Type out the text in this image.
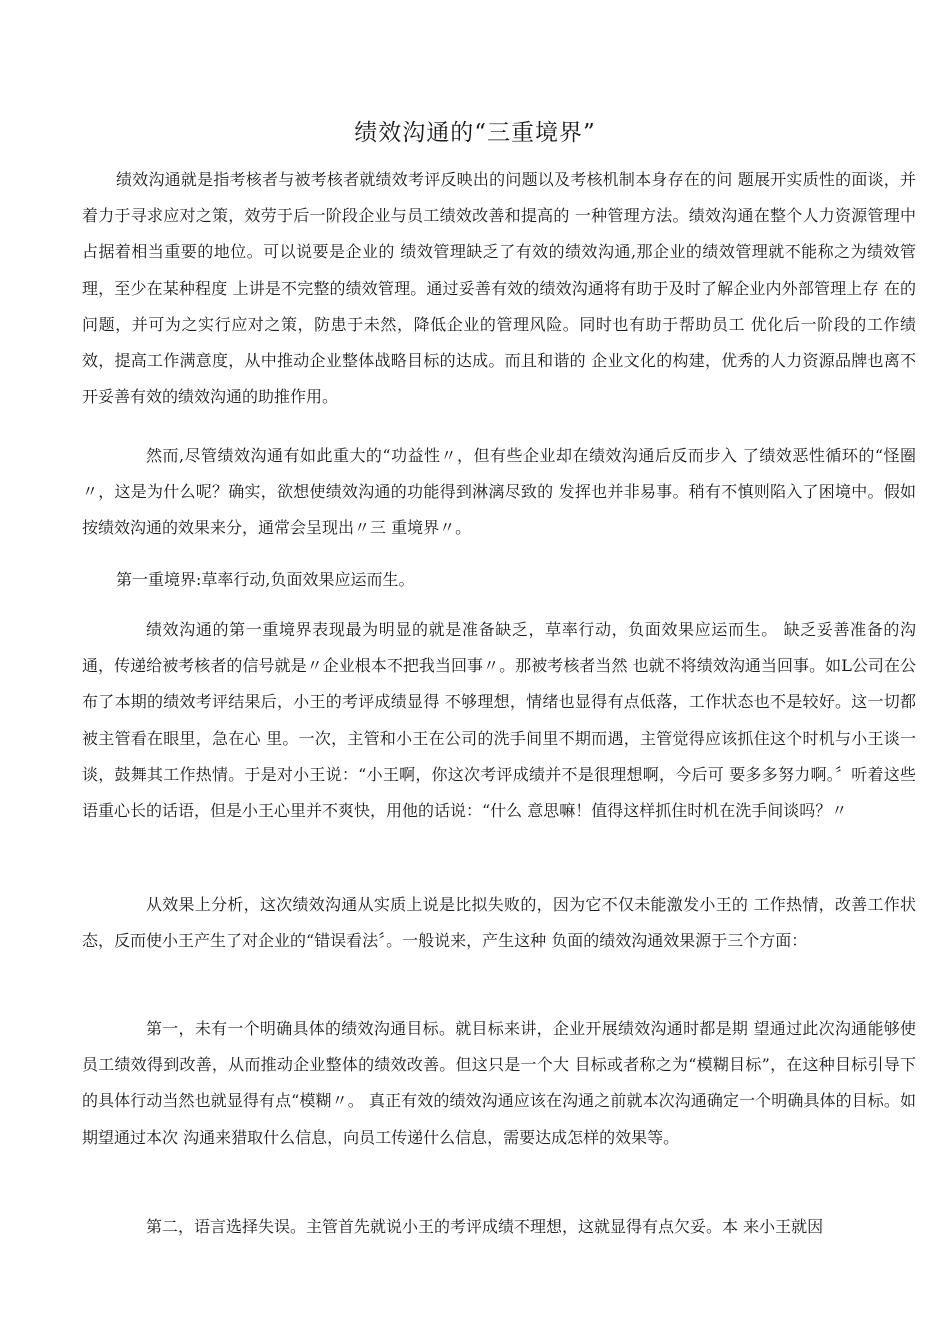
绩效沟通的“三重境界”

绩效沟通就是指考核者与被考核者就绩效考评反映出的问题以及考核机制本身存在的问 题展开实质性的面谈，并着力于寻求应对之策，效劳于后一阶段企业与员工绩效改善和提高的 一种管理方法。绩效沟通在整个人力资源管理中占据着相当重要的地位。可以说要是企业的 绩效管理缺乏了有效的绩效沟通,那企业的绩效管理就不能称之为绩效管理，至少在某种程度 上讲是不完整的绩效管理。通过妥善有效的绩效沟通将有助于及时了解企业内外部管理上存 在的问题，并可为之实行应对之策，防患于未然，降低企业的管理风险。同时也有助于帮助员工 优化后一阶段的工作绩效，提高工作满意度，从中推动企业整体战略目标的达成。而且和谐的 企业文化的构建，优秀的人力资源品牌也离不开妥善有效的绩效沟通的助推作用。

然而,尽管绩效沟通有如此重大的“功益性〃，但有些企业却在绩效沟通后反而步入 了绩效恶性循环的“怪圈〃，这是为什么呢？确实，欲想使绩效沟通的功能得到淋漓尽致的 发挥也并非易事。稍有不慎则陷入了困境中。假如按绩效沟通的效果来分，通常会呈现出〃三 重境界〃。

第一重境界:草率行动,负面效果应运而生。

绩效沟通的第一重境界表现最为明显的就是准备缺乏，草率行动，负面效果应运而生。 缺乏妥善准备的沟通，传递给被考核者的信号就是〃企业根本不把我当回事〃。那被考核者当然 也就不将绩效沟通当回事。如L公司在公布了本期的绩效考评结果后，小王的考评成绩显得 不够理想，情绪也显得有点低落，工作状态也不是较好。这一切都被主管看在眼里，急在心 里。一次，主管和小王在公司的洗手间里不期而遇，主管觉得应该抓住这个时机与小王谈一 谈，鼓舞其工作热情。于是对小王说：“小王啊，你这次考评成绩并不是很理想啊，今后可 要多多努力啊。〞听着这些语重心长的话语，但是小王心里并不爽快，用他的话说：“什么 意思嘛！值得这样抓住时机在洗手间谈吗？〃

从效果上分析，这次绩效沟通从实质上说是比拟失败的，因为它不仅未能激发小王的 工作热情，改善工作状态，反而使小王产生了对企业的“错误看法〞。一般说来，产生这种 负面的绩效沟通效果源于三个方面：

第一，未有一个明确具体的绩效沟通目标。就目标来讲，企业开展绩效沟通时都是期 望通过此次沟通能够使员工绩效得到改善，从而推动企业整体的绩效改善。但这只是一个大 目标或者称之为“模糊目标”，在这种目标引导下的具体行动当然也就显得有点“模糊〃。 真正有效的绩效沟通应该在沟通之前就本次沟通确定一个明确具体的目标。如期望通过本次 沟通来猎取什么信息，向员工传递什么信息，需要达成怎样的效果等。

第二，语言选择失误。主管首先就说小王的考评成绩不理想，这就显得有点欠妥。本 来小王就因
